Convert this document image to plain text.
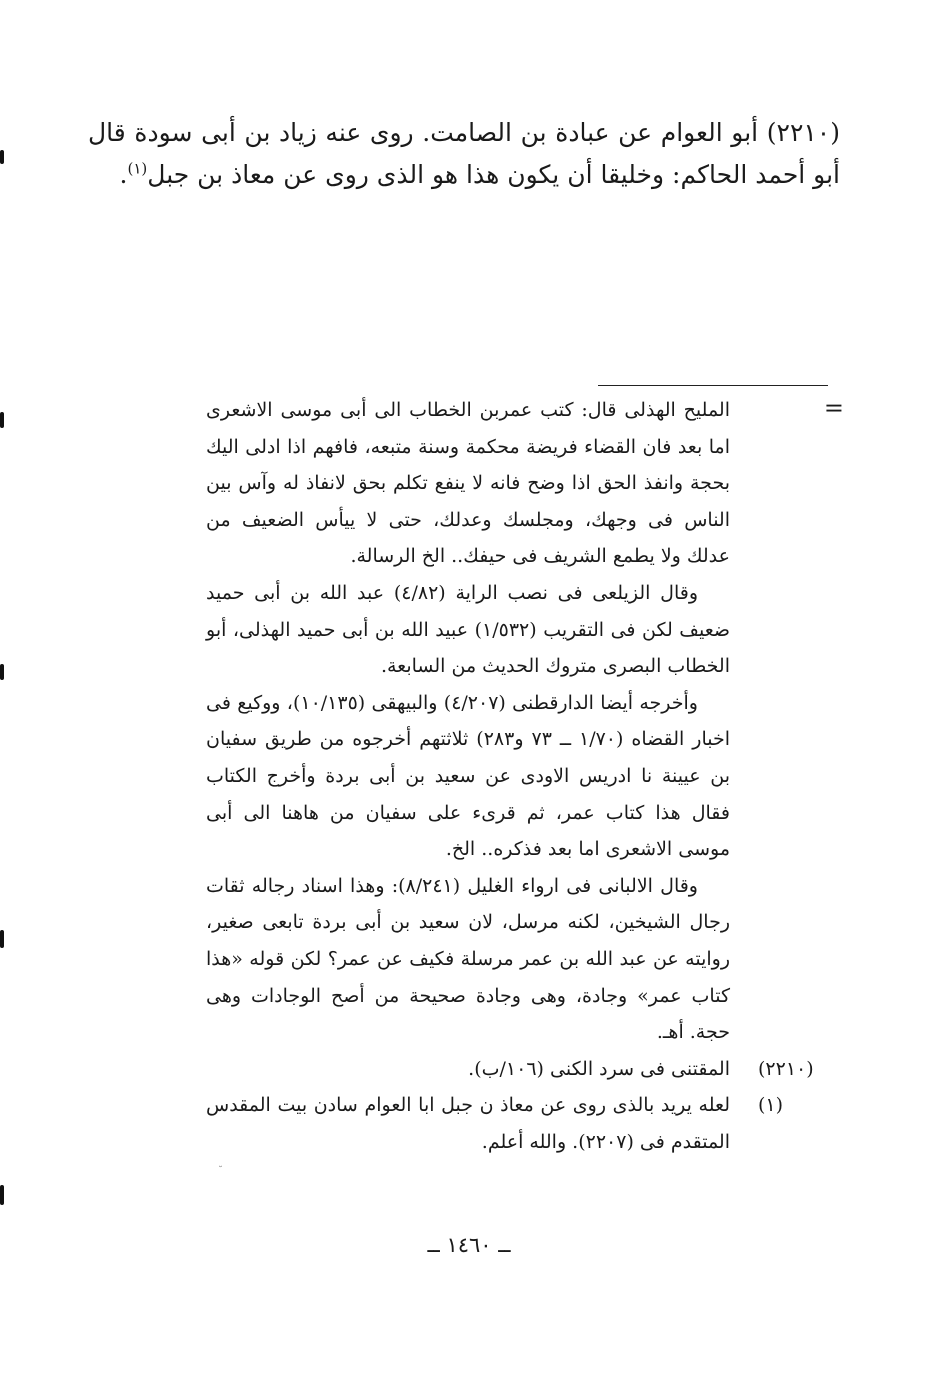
(٢٢١٠) أبو العوام عن عبادة بن الصامت. روى عنه زياد بن أبى سودة قال أبو أحمد الحاكم: وخليقا أن يكون هذا هو الذى روى عن معاذ بن جبل$^{(١)}$.

=

المليح الهذلى قال: كتب عمربن الخطاب الى أبى موسى الاشعرى اما بعد فان القضاء فريضة محكمة وسنة متبعه، فافهم اذا ادلى اليك بحجة وانفذ الحق اذا وضح فانه لا ينفع تكلم بحق لانفاذ له وآس بين الناس فى وجهك، ومجلسك وعدلك، حتى لا ييأس الضعيف من عدلك ولا يطمع الشريف فى حيفك.. الخ الرسالة.

وقال الزيلعى فى نصب الراية (٤/٨٢) عبد الله بن أبى حميد ضعيف لكن فى التقريب (١/٥٣٢) عبيد الله بن أبى حميد الهذلى، أبو الخطاب البصرى متروك الحديث من السابعة.

وأخرجه أيضا الدارقطنى (٤/٢٠٧) والبيهقى (١٠/١٣٥)، ووكيع فى اخبار القضاه (١/٧٠ ــ ٧٣ و٢٨٣) ثلاثتهم أخرجوه من طريق سفيان بن عيينة نا ادريس الاودى عن سعيد بن أبى بردة وأخرج الكتاب فقال هذا كتاب عمر، ثم قرىء على سفيان من هاهنا الى أبى موسى الاشعرى اما بعد فذكره.. الخ.

وقال الالبانى فى ارواء الغليل (٨/٢٤١): وهذا اسناد رجاله ثقات رجال الشيخين، لكنه مرسل، لان سعيد بن أبى بردة تابعى صغير، روايته عن عبد الله بن عمر مرسلة فكيف عن عمر؟ لكن قوله «هذا كتاب عمر» وجادة، وهى وجادة صحيحة من أصح الوجادات وهى حجة. أهـ.

(٢٢١٠)

المقتنى فى سرد الكنى (١٠٦/ب).

(١)

لعله يريد بالذى روى عن معاذ ن جبل ابا العوام سادن بيت المقدس المتقدم فى (٢٢٠٧). والله أعلم.

ــ ١٤٦٠ ــ
˘
